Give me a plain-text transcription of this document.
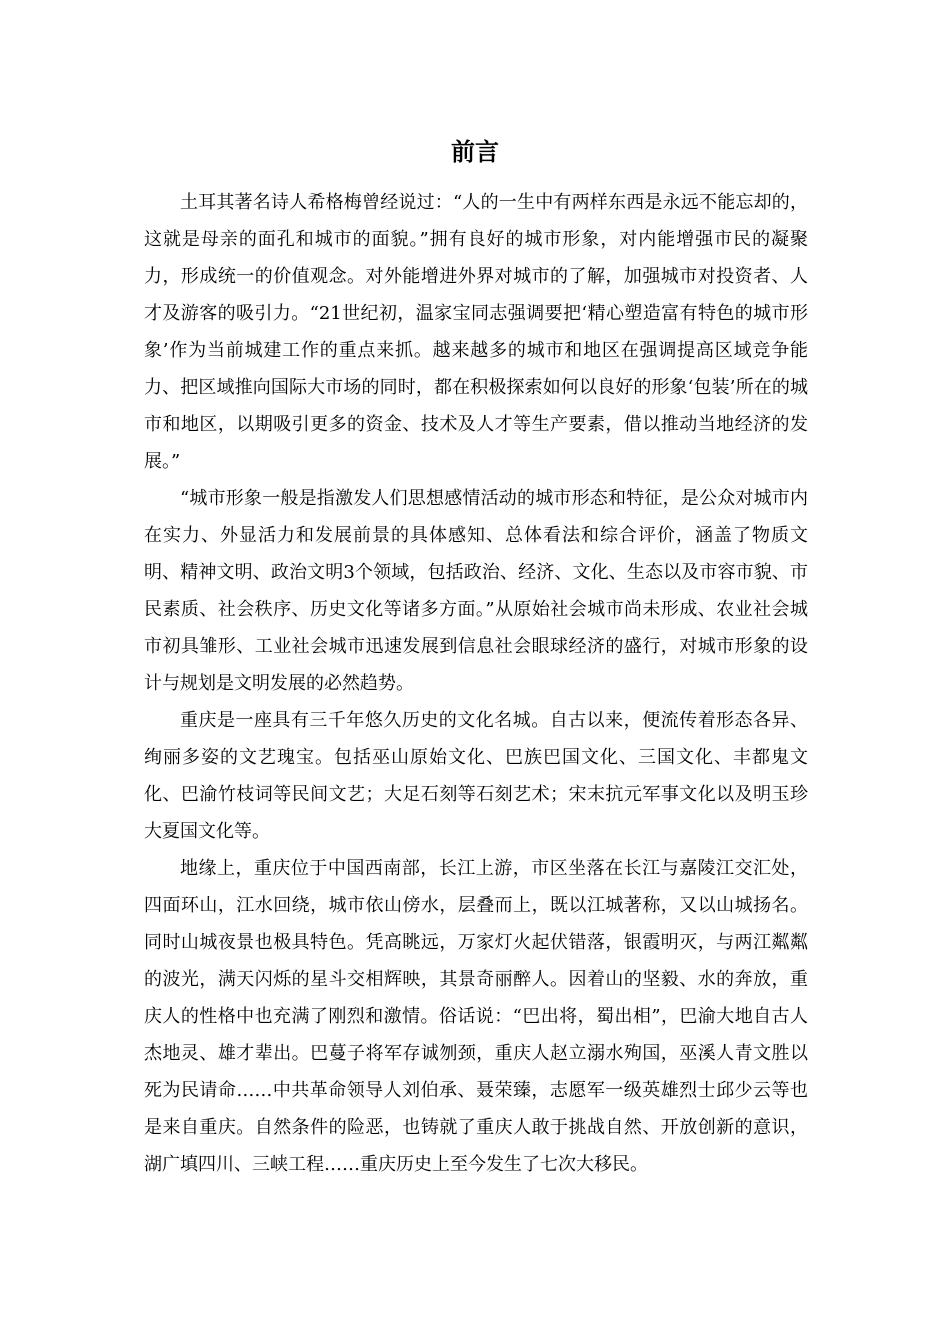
前言

土耳其著名诗人希格梅曾经说过：“人的一生中有两样东西是永远不能忘却的，这就是母亲的面孔和城市的面貌。”拥有良好的城市形象，对内能增强市民的凝聚力，形成统一的价值观念。对外能增进外界对城市的了解，加强城市对投资者、人才及游客的吸引力。“21世纪初，温家宝同志强调要把‘精心塑造富有特色的城市形象’作为当前城建工作的重点来抓。越来越多的城市和地区在强调提高区域竞争能力、把区域推向国际大市场的同时，都在积极探索如何以良好的形象‘包装’所在的城市和地区，以期吸引更多的资金、技术及人才等生产要素，借以推动当地经济的发展。”

“城市形象一般是指激发人们思想感情活动的城市形态和特征，是公众对城市内在实力、外显活力和发展前景的具体感知、总体看法和综合评价，涵盖了物质文明、精神文明、政治文明3个领域，包括政治、经济、文化、生态以及市容市貌、市民素质、社会秩序、历史文化等诸多方面。”从原始社会城市尚未形成、农业社会城市初具雏形、工业社会城市迅速发展到信息社会眼球经济的盛行，对城市形象的设计与规划是文明发展的必然趋势。

重庆是一座具有三千年悠久历史的文化名城。自古以来，便流传着形态各异、绚丽多姿的文艺瑰宝。包括巫山原始文化、巴族巴国文化、三国文化、丰都鬼文化、巴渝竹枝词等民间文艺；大足石刻等石刻艺术；宋末抗元军事文化以及明玉珍大夏国文化等。

地缘上，重庆位于中国西南部，长江上游，市区坐落在长江与嘉陵江交汇处，四面环山，江水回绕，城市依山傍水，层叠而上，既以江城著称，又以山城扬名。同时山城夜景也极具特色。凭高眺远，万家灯火起伏错落，银霞明灭，与两江粼粼的波光，满天闪烁的星斗交相辉映，其景奇丽醉人。因着山的坚毅、水的奔放，重庆人的性格中也充满了刚烈和激情。俗话说：“巴出将，蜀出相”，巴渝大地自古人杰地灵、雄才辈出。巴蔓子将军存诚刎颈，重庆人赵立溺水殉国，巫溪人青文胜以死为民请命……中共革命领导人刘伯承、聂荣臻，志愿军一级英雄烈士邱少云等也是来自重庆。自然条件的险恶，也铸就了重庆人敢于挑战自然、开放创新的意识，湖广填四川、三峡工程……重庆历史上至今发生了七次大移民。
